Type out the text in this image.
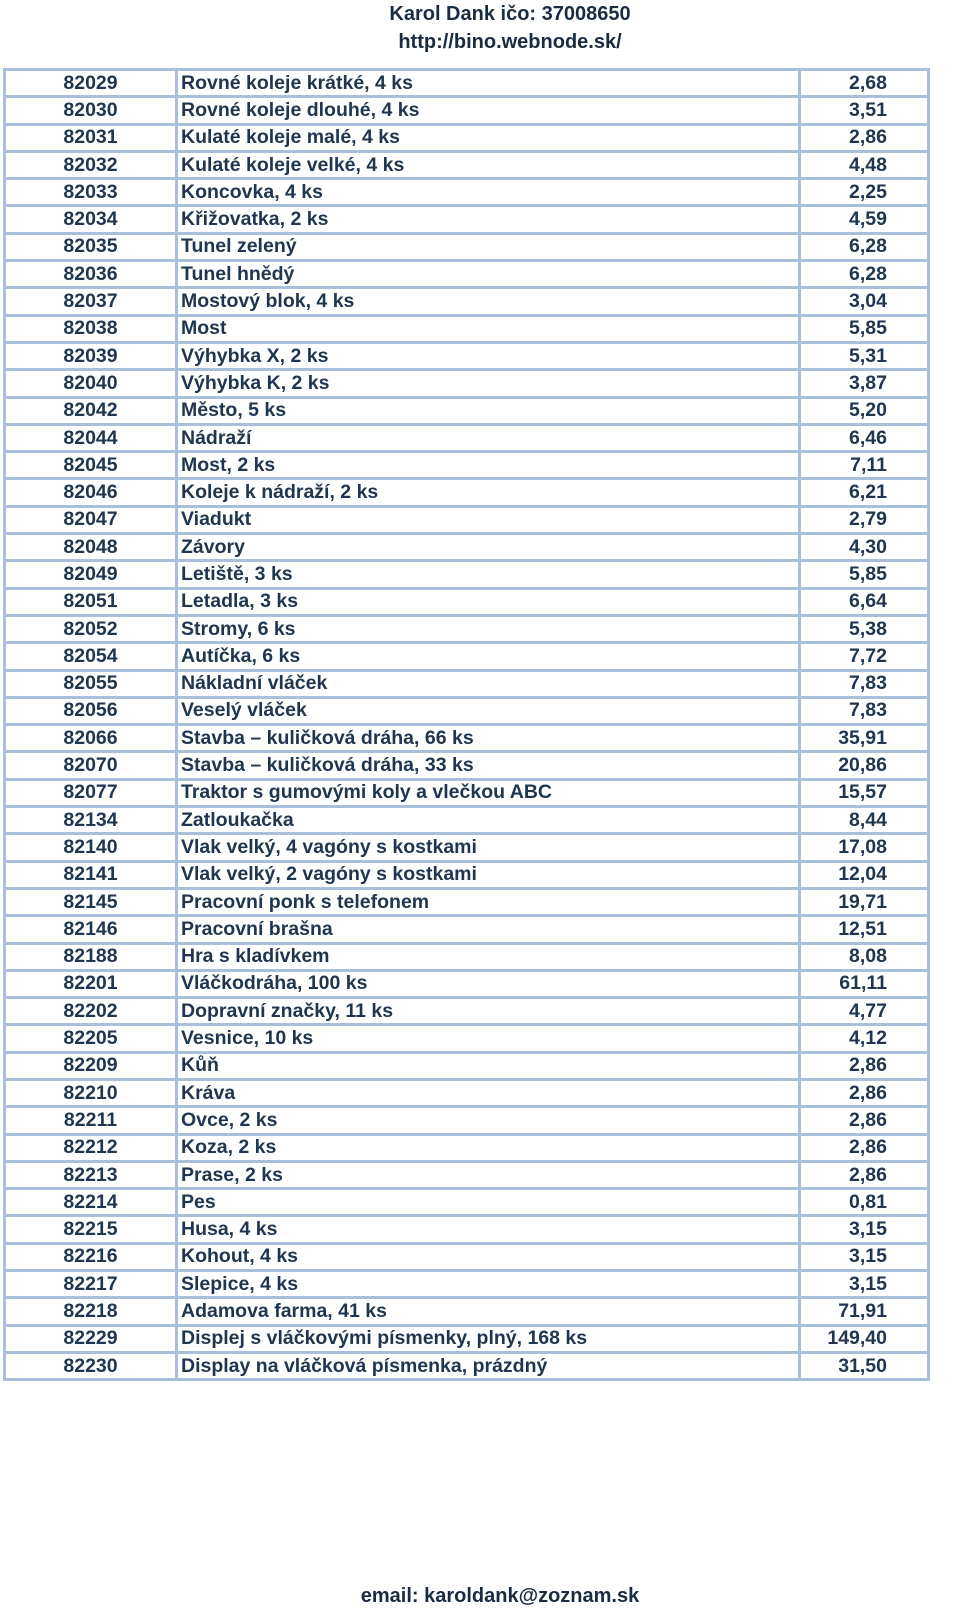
Karol Dank ičo: 37008650
http://bino.webnode.sk/
82029	Rovné koleje krátké, 4 ks	2,68
82030	Rovné koleje dlouhé, 4 ks	3,51
82031	Kulaté koleje malé, 4 ks	2,86
82032	Kulaté koleje velké, 4 ks	4,48
82033	Koncovka, 4 ks	2,25
82034	Křižovatka, 2 ks	4,59
82035	Tunel zelený	6,28
82036	Tunel hnědý	6,28
82037	Mostový blok, 4 ks	3,04
82038	Most	5,85
82039	Výhybka X, 2 ks	5,31
82040	Výhybka K, 2 ks	3,87
82042	Město, 5 ks	5,20
82044	Nádraží	6,46
82045	Most, 2 ks	7,11
82046	Koleje k nádraží, 2 ks	6,21
82047	Viadukt	2,79
82048	Závory	4,30
82049	Letiště, 3 ks	5,85
82051	Letadla, 3 ks	6,64
82052	Stromy, 6 ks	5,38
82054	Autíčka, 6 ks	7,72
82055	Nákladní vláček	7,83
82056	Veselý vláček	7,83
82066	Stavba – kuličková dráha, 66 ks	35,91
82070	Stavba – kuličková dráha, 33 ks	20,86
82077	Traktor s gumovými koly a vlečkou ABC	15,57
82134	Zatloukačka	8,44
82140	Vlak velký, 4 vagóny s kostkami	17,08
82141	Vlak velký, 2 vagóny s kostkami	12,04
82145	Pracovní ponk s telefonem	19,71
82146	Pracovní brašna	12,51
82188	Hra s kladívkem	8,08
82201	Vláčkodráha, 100 ks	61,11
82202	Dopravní značky, 11 ks	4,77
82205	Vesnice, 10 ks	4,12
82209	Kůň	2,86
82210	Kráva	2,86
82211	Ovce, 2 ks	2,86
82212	Koza, 2 ks	2,86
82213	Prase, 2 ks	2,86
82214	Pes	0,81
82215	Husa, 4 ks	3,15
82216	Kohout, 4 ks	3,15
82217	Slepice, 4 ks	3,15
82218	Adamova farma, 41 ks	71,91
82229	Displej s vláčkovými písmenky, plný, 168 ks	149,40
82230	Display na vláčková písmenka, prázdný	31,50
email: karoldank@zoznam.sk
